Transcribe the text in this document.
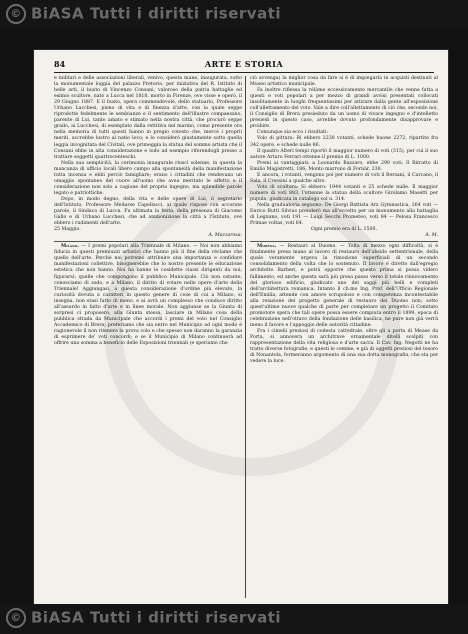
© BiASA Tutti i diritti riservati
84	ARTE E STORIA

e militari e delle associazioni liberali, venivo, questa mane, inaugurata, sotto la monumentale loggia del palazzo Pretorio, per iniziativa del R. Istituto di belle arti, il busto di Vincenzo Consani, valoroso della patria battaglie ed esimio scultore, nato a Lucca nel 1818, morto in Firenze, ove visse e operò, il 29 Giugno 1887. E il busto, opera commendevole, dello statuario, Professore Urbano Lucchesi, pieno di vita e di finezza d'arte, con la quale seppe riprodotte fedelmente le sembianze e il sentimento dell'illustre compaesano, parente di Lui, tanto amato e stimato nella nostra città, che procurò seppe grado, ai Lucchesi, di esemplato dalla rettitiva nel marmo, come presente ora nella memoria di tutti questi hanno in pregio cotesto che, mercè i proprii meriti, accrebbe lustro al natio loco; e lo considerò giustamente sotto quella leggia incognitata del Civitali, ove primeggia la statua del sommo artista che il Consani ebbe in alta considerazione e lodo ad esempio riferendogli presso a trattare soggetti quattrocenteschi.

Nella sua semplicità, la cerimonia inaugurale riuscì solenne, in questa la mancanza di ufficio locali libero campo alla spontaneità della manifestazione tutta incensa e ebbi perciò famigliare; erano i cittadini che rendevano un omaggio spontaneo del cuore all'uomo che avea meritato le affetto e il considerazione non solo a cagione del proprio ingegno, ma splendide parole legato e patriottiche.

Dopo, in modo degno, della vita e delle opere di Lui, il segretario dell'Istituto, Professore Medarse Capellacci, al quale rispose con accorate parole, il Sindaco di Lucca. Fu ultimata la festa, della presenza di Giacomo Gallo e di Urbano Lucchesi, che ad ammonizione la città a l'Istituto, ove ebbero i rudimenti dell'arte.

25 Maggio.

A. Mazzarosa.

Milano. — I premi popolari alla Triennale di Milano. — Noi non abbiamo fiducia in questi premiuzzi artistici che hanno più il fine della réclame che quello dell'arte. Perchè noi potremo attribuire una importanza e confidare manifestazioni collettive, bisognerebbe che lo nostro presente le educazione estetica che non hanno. Noi ha banno le cosidette classi dirigenti da noi; figurarsi; quelle che compongono il pubblico Municipale. Ciò non ostante, conosciamo di sodo, e a Milano, il diritto di votare nelle opere d'arte della Triennale! Aggiungasi, a questa considerazione d'ordine più elevato, la curiosità dovuta a caratteri in questo genere di cose di cui a Milano, si insegna, non stasi fatto di meno, e ai avrà un complesso che conduce diritto all'assurdo in fatto d'arte e in linee morale. Non aggiunse se la Giunta di sorpresi ci proposero, alla Giunta stessa, lasciare in Milano cosa della pubblica strada da Municipale che accordi i premi del voto nel Consiglio Accademico di Brera; preferiamo che sia entro nel Municipio ad ogni modo è ragionevole il non ritenere la prova colo e che spesso non daranno la garanzia di esprimere de' voti concordi; e se il Municipio di Milano continuerà ad offrire una somma a beneficio delle Esposizioni triennali (e speriamo che

ciò avvenga) la miglior cosa da fare si è di impiegarla in acquisti destinati al Museo artistico municipale.

Fa inoltre riflessa la rélàme eccessivamente mercantile che venne fatta a questi e voti popolari a per mezzo di grandi avvisi presentati collocati insolitamente in luoghi frequentissimi per attirare dalla gente all'esposizione coll'allettamento del voto. Vale a dire coll'allettamento di ciò che, secondo noi, il Consiglio di Brera presieduto da un uomo di vivace ingegno e d'intelletto presiedi in questo caso, avrebbe dovuto profondamente disapprovare e proibire.

Comunque sia ecco i risultati:

Volo di pittura: Ri ebbero 2238 votanti, schede buone 2272, ripartite fra 342 opere, e schede nulle 86.

Il quadro Alteri tempi riportò il maggior numero di voti (315), per cui il suo autore Arturo Ferrari ottenne il premio di L. 1000.

Premi ai vantaggiati: a Leonardo Bazzaro, ebbe 290 voti; Il Ritratto di Emilio Magistretti, 186; Monto marrono di Fornàr, 230.

E ancora, i votanti, vengono poi per numero di voti il Bersani, il Carcano, il Sala, il Cressini a qualche altro.

Voto di scultura: Si ebbero: 1944 votanti e 25 schede nulle. Il maggior numero di voti 883, l'ottenne la statua della scultore Girolamo Masetti per pupula, giudicata in catalogo col n. 314.

Nella graduatoria seguono: De Giorgi Battista Arx Gymnastica, 264 voti — Enrico Butti Silvius prenderò ma all'eccetto per un monumento alla battaglia di Legnano, voti 191 — Luigi Secchi Prometeo, voti 84 — Pelosa Francesco Primae voltas, voti 64.

Ogni premio era di L. 1500.

A. M.

Modena. — Restauri al Duomo. — Tolta di mezzo ogni difficoltà, si è finalmente presa mano al lavoro di restauro dell'absido settentrionale, della quale veramente urgeva la rimozione superficiali di un secondo consolidamento della volta che lo sostenuto. Il lavoro è diretto dall'egregio architetto Barberi, e potrà opporre che questo prima si possa videro fallimento, ed anche questa sarà più presa passo verso il totale rinnovamento del glorioso edificio, giudicato uno dei saggi più belli e completi dell'architettura romanica. Intanto il ch.mo Ing. Prof. dell'Ufficio Regionale dell'Emilia, attende con amore scrupoloso e con competenza incontestabile alla relazione del progetto generale di restauro dei Duomo non; sotto quest'ultime nuove qualche dì parte per completare un progetto il Comitato promotore spera che tali opere possa essere compiuta entro il 1899, epoca di celebrazione nell'ottavo della fondazione delle basilica, ne pure non già verrà meno il favore e l'appoggio delle autorità cittadine.

Fra i cimelii preziosi di codesta cattedrale, oltre gli a porta di Mease da Porta, si annovera un architrave ornamentale ditelli scolpiti con rappresentazione della vita religiosa e d'arte sacra. Il Cav. Ing. Negotti ne ha tratto diverse fotografie, e questi le cemme, e già di oggetti preziosi del tesoro di Nonantola, formeranno argomento di una sua dotta monografia, che sta per vedere la luce.

© BiASA Tutti i diritti riservati
